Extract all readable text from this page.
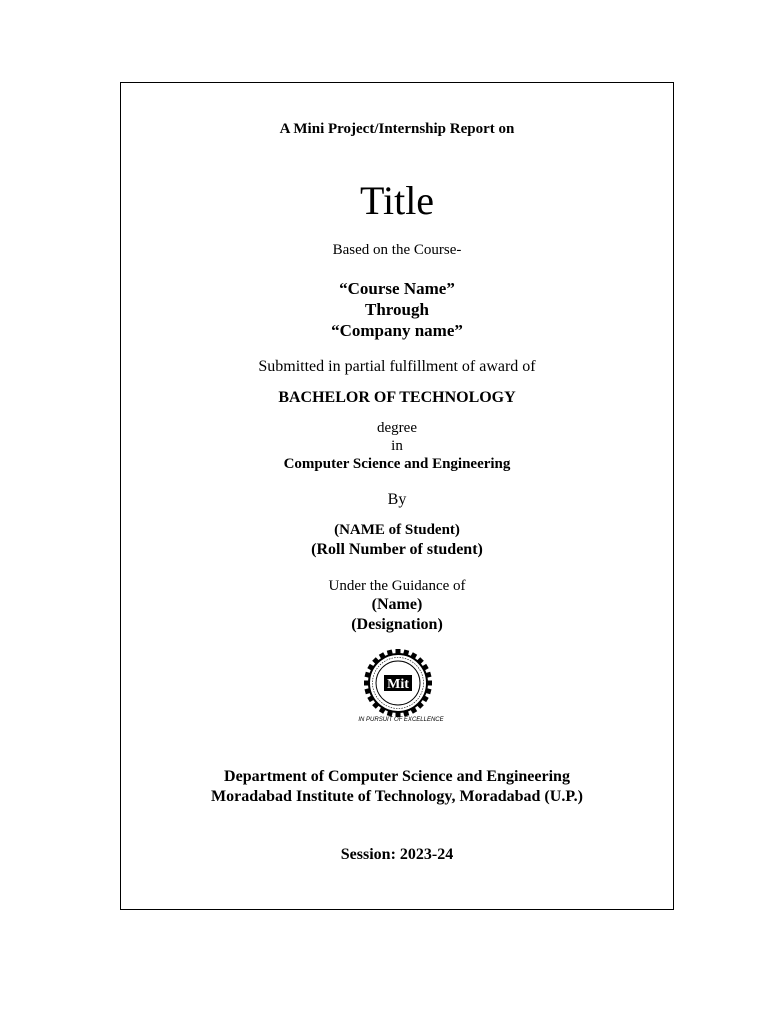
A Mini Project/Internship Report on
Title
Based on the Course-
“Course Name”
Through
“Company name”
Submitted in partial fulfillment of award of
BACHELOR OF TECHNOLOGY
degree
in
Computer Science and Engineering
By
(NAME of Student)
(Roll Number of student)
Under the Guidance of
(Name)
(Designation)
Mit
IN PURSUIT OF EXCELLENCE
Department of Computer Science and Engineering
Moradabad Institute of Technology, Moradabad (U.P.)
Session: 2023-24
